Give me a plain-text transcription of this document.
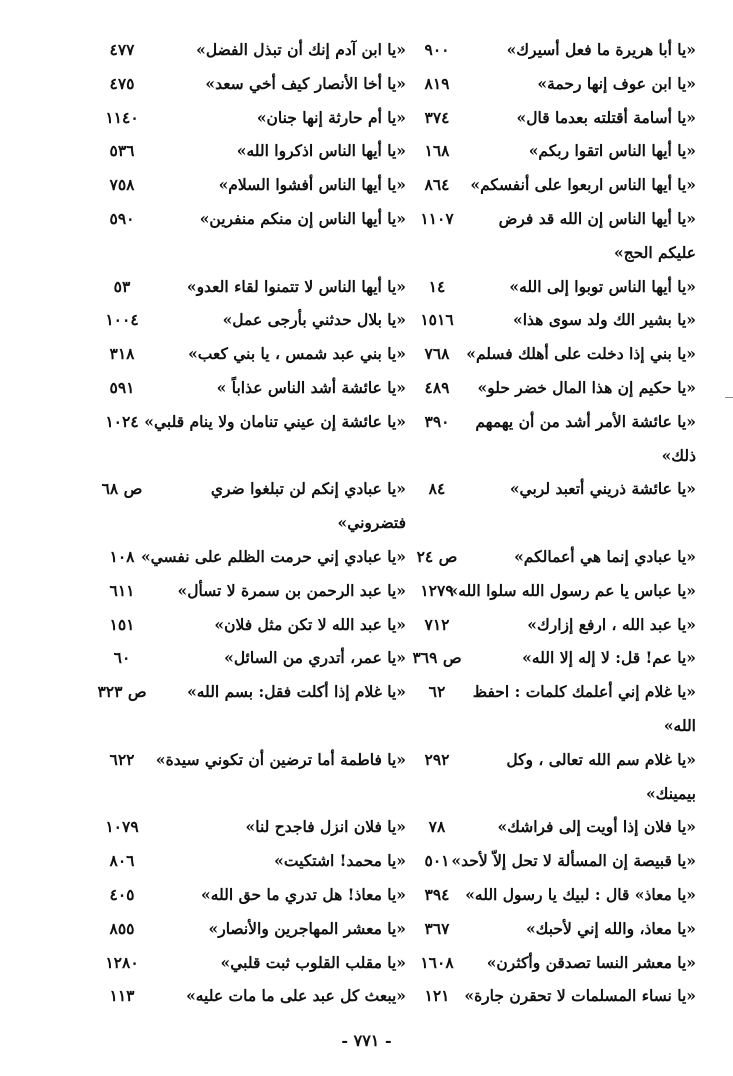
«يا أبا هريرة ما فعل أسيرك»
٩٠٠
«يا ابن آدم إنك أن تبذل الفضل»
٤٧٧
«يا ابن عوف إنها رحمة»
٨١٩
«يا أخا الأنصار كيف أخي سعد»
٤٧٥
«يا أسامة أقتلته بعدما قال»
٣٧٤
«يا أم حارثة إنها جنان»
١١٤٠
«يا أيها الناس اتقوا ربكم»
١٦٨
«يا أيها الناس اذكروا الله»
٥٣٦
«يا أيها الناس اربعوا على أنفسكم»
٨٦٤
«يا أيها الناس أفشوا السلام»
٧٥٨
«يا أيها الناس إن الله قد فرض
١١٠٧
«يا أيها الناس إن منكم منفرين»
٥٩٠
عليكم الحج»
«يا أيها الناس توبوا إلى الله»
١٤
«يا أيها الناس لا تتمنوا لقاء العدو»
٥٣
«يا بشير الك ولد سوى هذا»
١٥١٦
«يا بلال حدثني بأرجى عمل»
١٠٠٤
«يا بني إذا دخلت على أهلك فسلم»
٧٦٨
«يا بني عبد شمس ، يا بني كعب»
٣١٨
«يا حكيم إن هذا المال خضر حلو»
٤٨٩
«يا عائشة أشد الناس عذاباً »
٥٩١
«يا عائشة الأمر أشد من أن يهمهم
٣٩٠
«يا عائشة إن عيني تنامان ولا ينام قلبي»
١٠٢٤
ذلك»
«يا عائشة ذريني أتعبد لربي»
٨٤
«يا عبادي إنكم لن تبلغوا ضري
ص ٦٨
فتضروني»
«يا عبادي إنما هي أعمالكم»
ص ٢٤
«يا عبادي إني حرمت الظلم على نفسي»
١٠٨
«يا عباس يا عم رسول الله سلوا الله»
١٢٧٩
«يا عبد الرحمن بن سمرة لا تسأل»
٦١١
«يا عبد الله ، ارفع إزارك»
٧١٢
«يا عبد الله لا تكن مثل فلان»
١٥١
«يا عم! قل: لا إله إلا الله»
ص ٣٦٩
«يا عمر، أتدري من السائل»
٦٠
«يا غلام إني أعلمك كلمات : احفظ
٦٢
«يا غلام إذا أكلت فقل: بسم الله»
ص ٣٢٣
الله»
«يا غلام سم الله تعالى ، وكل
٢٩٢
«يا فاطمة أما ترضين أن تكوني سيدة»
٦٢٢
بيمينك»
«يا فلان إذا أويت إلى فراشك»
٧٨
«يا فلان انزل فاجدح لنا»
١٠٧٩
«يا قبيصة إن المسألة لا تحل إلاّ لأحد»
٥٠١
«يا محمد! اشتكيت»
٨٠٦
«يا معاذ» قال : لبيك يا رسول الله»
٣٩٤
«يا معاذ! هل تدري ما حق الله»
٤٠٥
«يا معاذ، والله إني لأحبك»
٣٦٧
«يا معشر المهاجرين والأنصار»
٨٥٥
«يا معشر النسا تصدقن وأكثرن»
١٦٠٨
«يا مقلب القلوب ثبت قلبي»
١٢٨٠
«يا نساء المسلمات لا تحقرن جارة»
١٢١
«يبعث كل عبد على ما مات عليه»
١١٣
- ٧٧١ -
